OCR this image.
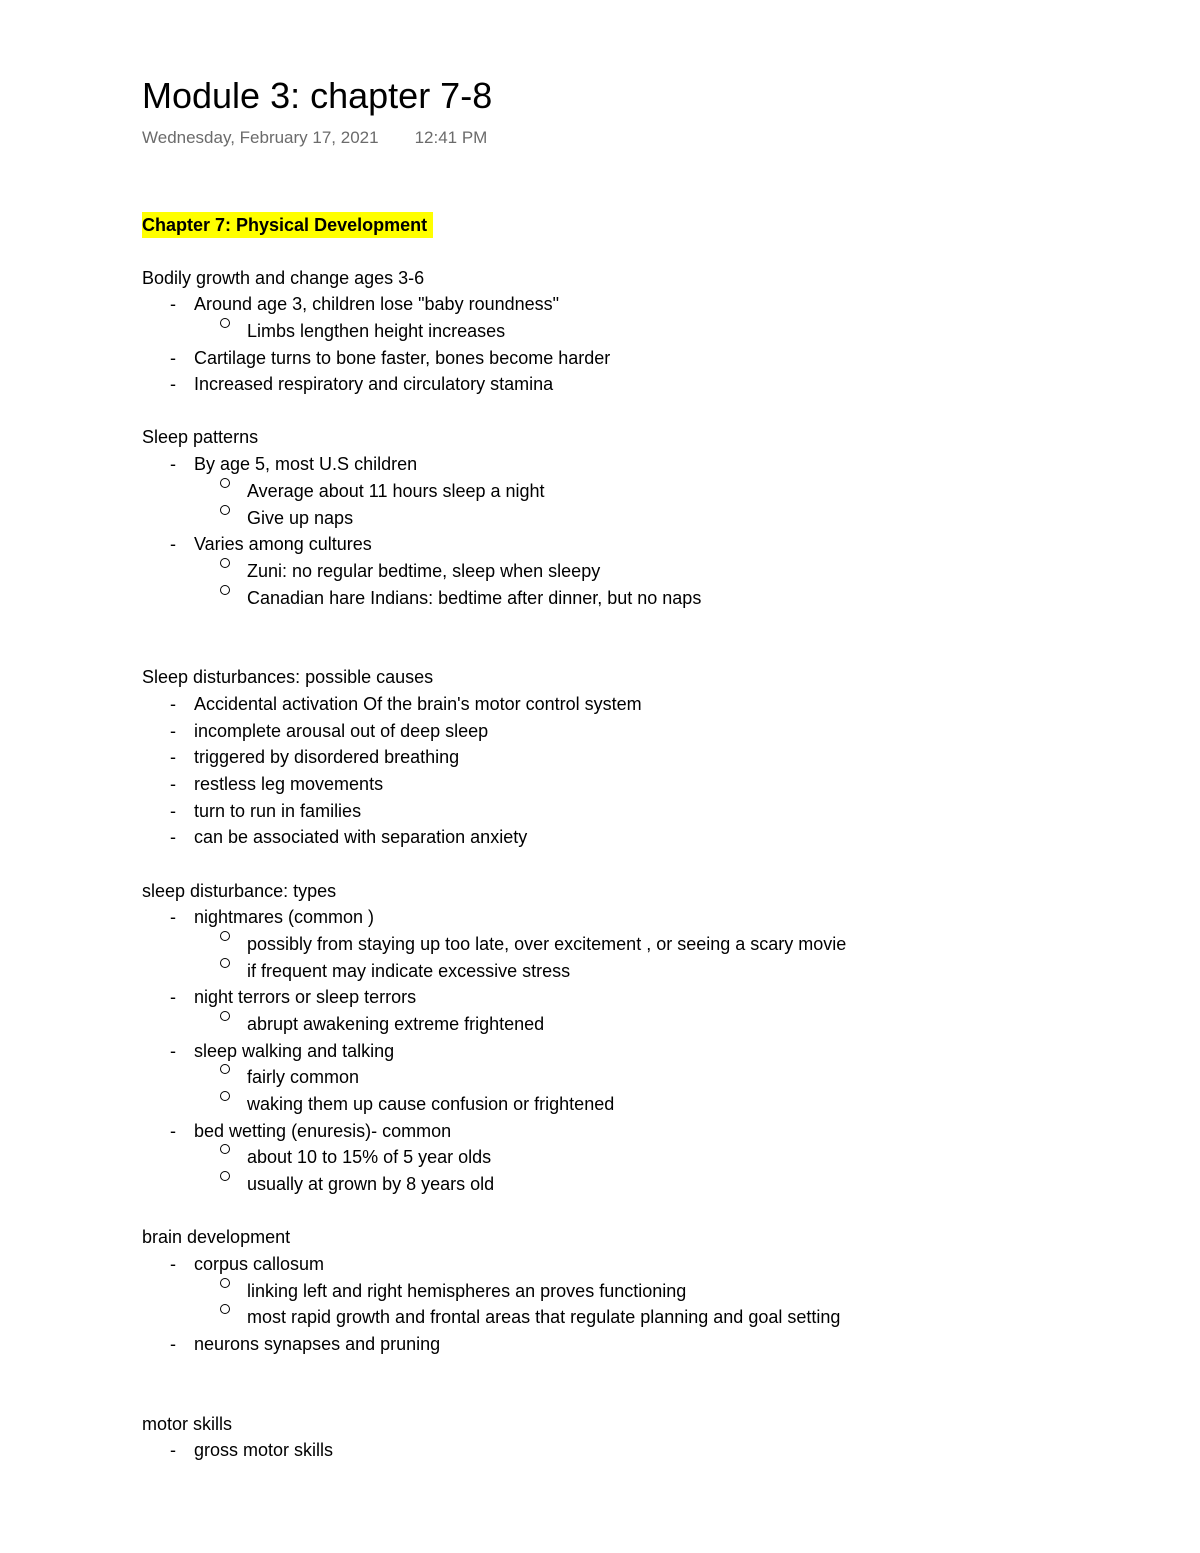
Module 3: chapter 7-8
Wednesday, February 17, 2021 12:41 PM
Chapter 7: Physical Development
Bodily growth and change ages 3-6
- Around age 3, children lose "baby roundness"
Limbs lengthen height increases
- Cartilage turns to bone faster, bones become harder
- Increased respiratory and circulatory stamina
Sleep patterns
- By age 5, most U.S children
Average about 11 hours sleep a night
Give up naps
- Varies among cultures
Zuni: no regular bedtime, sleep when sleepy
Canadian hare Indians: bedtime after dinner, but no naps
Sleep disturbances: possible causes
- Accidental activation Of the brain's motor control system
- incomplete arousal out of deep sleep
- triggered by disordered breathing
- restless leg movements
- turn to run in families
- can be associated with separation anxiety
sleep disturbance: types
- nightmares (common )
possibly from staying up too late, over excitement , or seeing a scary movie
if frequent may indicate excessive stress
- night terrors or sleep terrors
abrupt awakening extreme frightened
- sleep walking and talking
fairly common
waking them up cause confusion or frightened
- bed wetting (enuresis)- common
about 10 to 15% of 5 year olds
usually at grown by 8 years old
brain development
- corpus callosum
linking left and right hemispheres an proves functioning
most rapid growth and frontal areas that regulate planning and goal setting
- neurons synapses and pruning
motor skills
- gross motor skills
